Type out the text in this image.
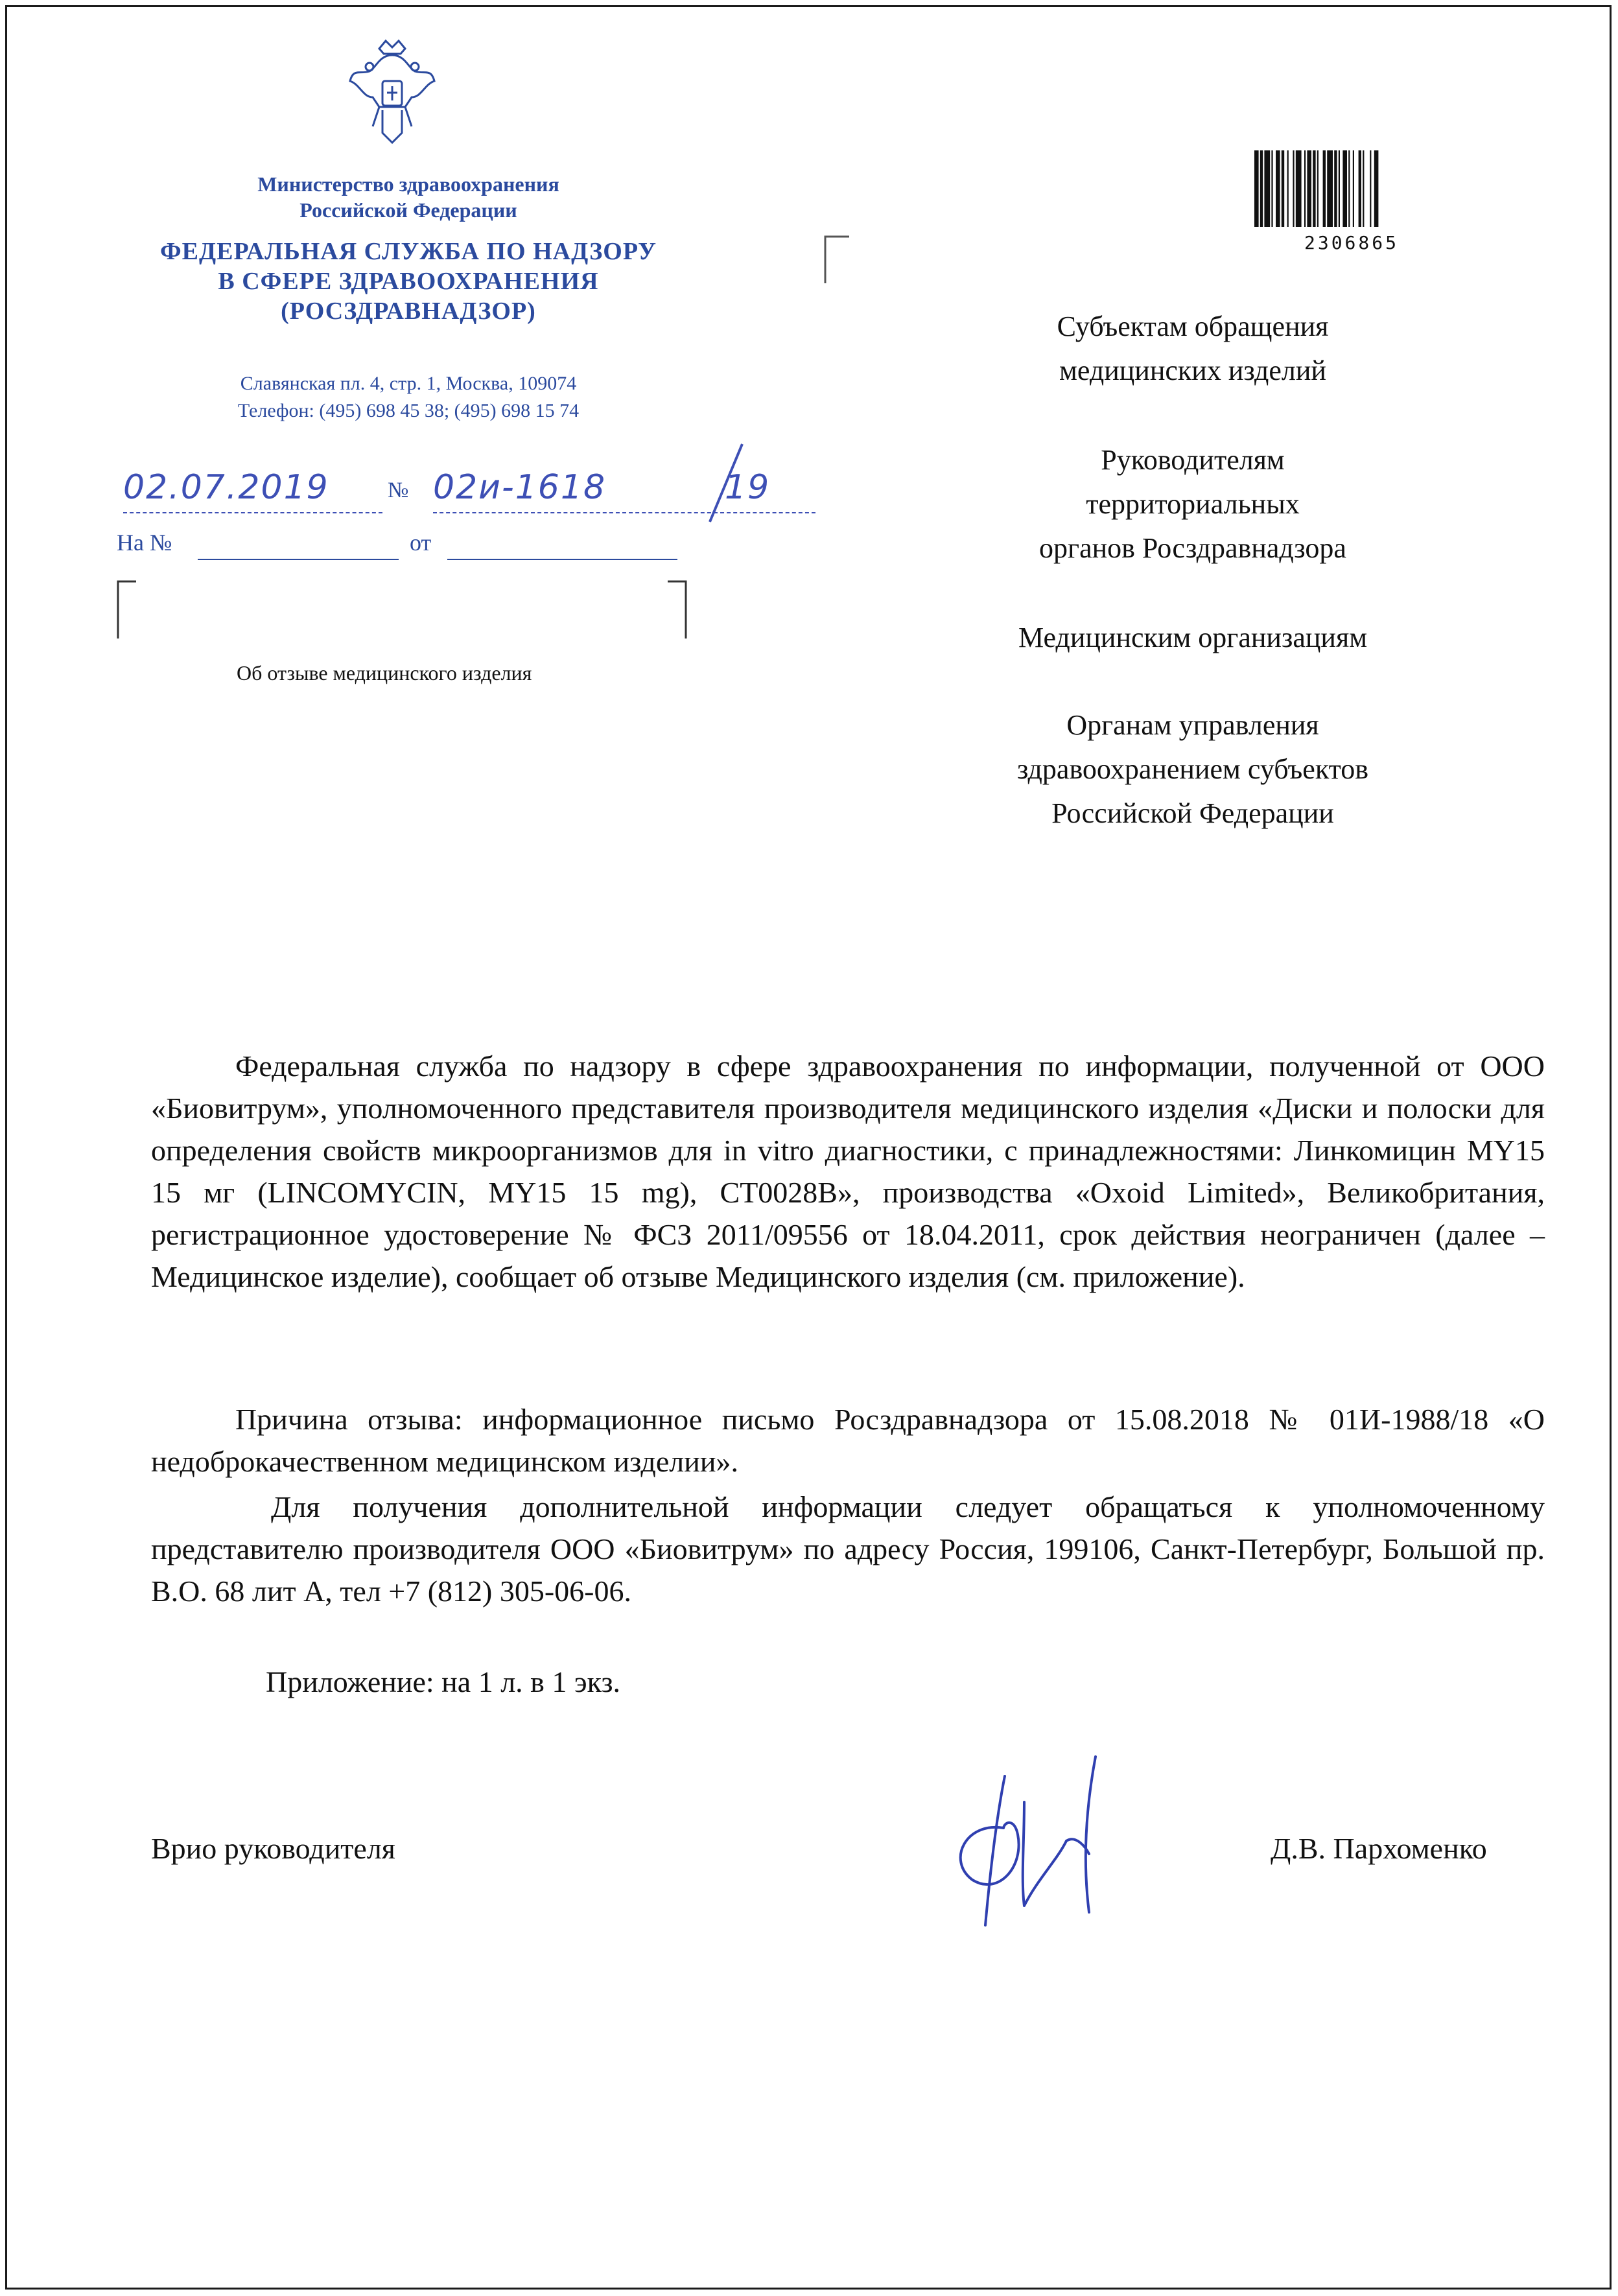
Министерство здравоохранения
Российской Федерации
ФЕДЕРАЛЬНАЯ СЛУЖБА ПО НАДЗОРУ
В СФЕРЕ ЗДРАВООХРАНЕНИЯ
(РОСЗДРАВНАДЗОР)
Славянская пл. 4, стр. 1, Москва, 109074
Телефон: (495) 698 45 38; (495) 698 15 74
02.07.2019	№ 02и-1618	19
На №	от
Об отзыве медицинского изделия
2306865
Субъектам обращения
медицинских изделий
Руководителям
территориальных
органов Росздравнадзора
Медицинским организациям
Органам управления
здравоохранением субъектов
Российской Федерации
Федеральная служба по надзору в сфере здравоохранения по информации, полученной от ООО «Биовитрум», уполномоченного представителя производителя медицинского изделия «Диски и полоски для определения свойств микроорганизмов для in vitro диагностики, с принадлежностями: Линкомицин MY15 15 мг (LINCOMYCIN, MY15 15 mg), CT0028B», производства «Oxoid Limited», Великобритания, регистрационное удостоверение № ФСЗ 2011/09556 от 18.04.2011, срок действия неограничен (далее – Медицинское изделие), сообщает об отзыве Медицинского изделия (см. приложение).
Причина отзыва: информационное письмо Росздравнадзора от 15.08.2018 № 01И-1988/18 «О недоброкачественном медицинском изделии».
Для получения дополнительной информации следует обращаться к уполномоченному представителю производителя ООО «Биовитрум» по адресу Россия, 199106, Санкт-Петербург, Большой пр. В.О. 68 лит А, тел +7 (812) 305-06-06.
Приложение: на 1 л. в 1 экз.
Врио руководителя	Д.В. Пархоменко
